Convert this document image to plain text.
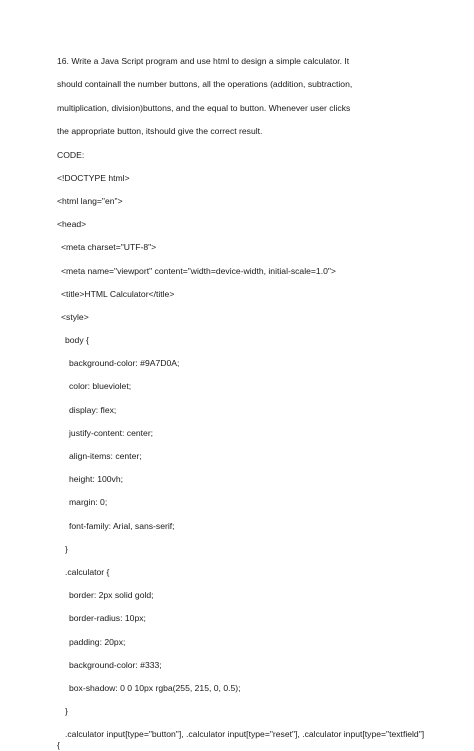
16. Write a Java Script program and use html to design a simple calculator. It
should containall the number buttons, all the operations (addition, subtraction,
multiplication, division)buttons, and the equal to button. Whenever user clicks
the appropriate button, itshould give the correct result.
CODE:
<!DOCTYPE html>
<html lang="en">
<head>
<meta charset="UTF-8">
<meta name="viewport" content="width=device-width, initial-scale=1.0">
<title>HTML Calculator</title>
<style>
body {
background-color: #9A7D0A;
color: blueviolet;
display: flex;
justify-content: center;
align-items: center;
height: 100vh;
margin: 0;
font-family: Arial, sans-serif;
}
.calculator {
border: 2px solid gold;
border-radius: 10px;
padding: 20px;
background-color: #333;
box-shadow: 0 0 10px rgba(255, 215, 0, 0.5);
}
.calculator input[type="button"], .calculator input[type="reset"], .calculator input[type="textfield"]
{
